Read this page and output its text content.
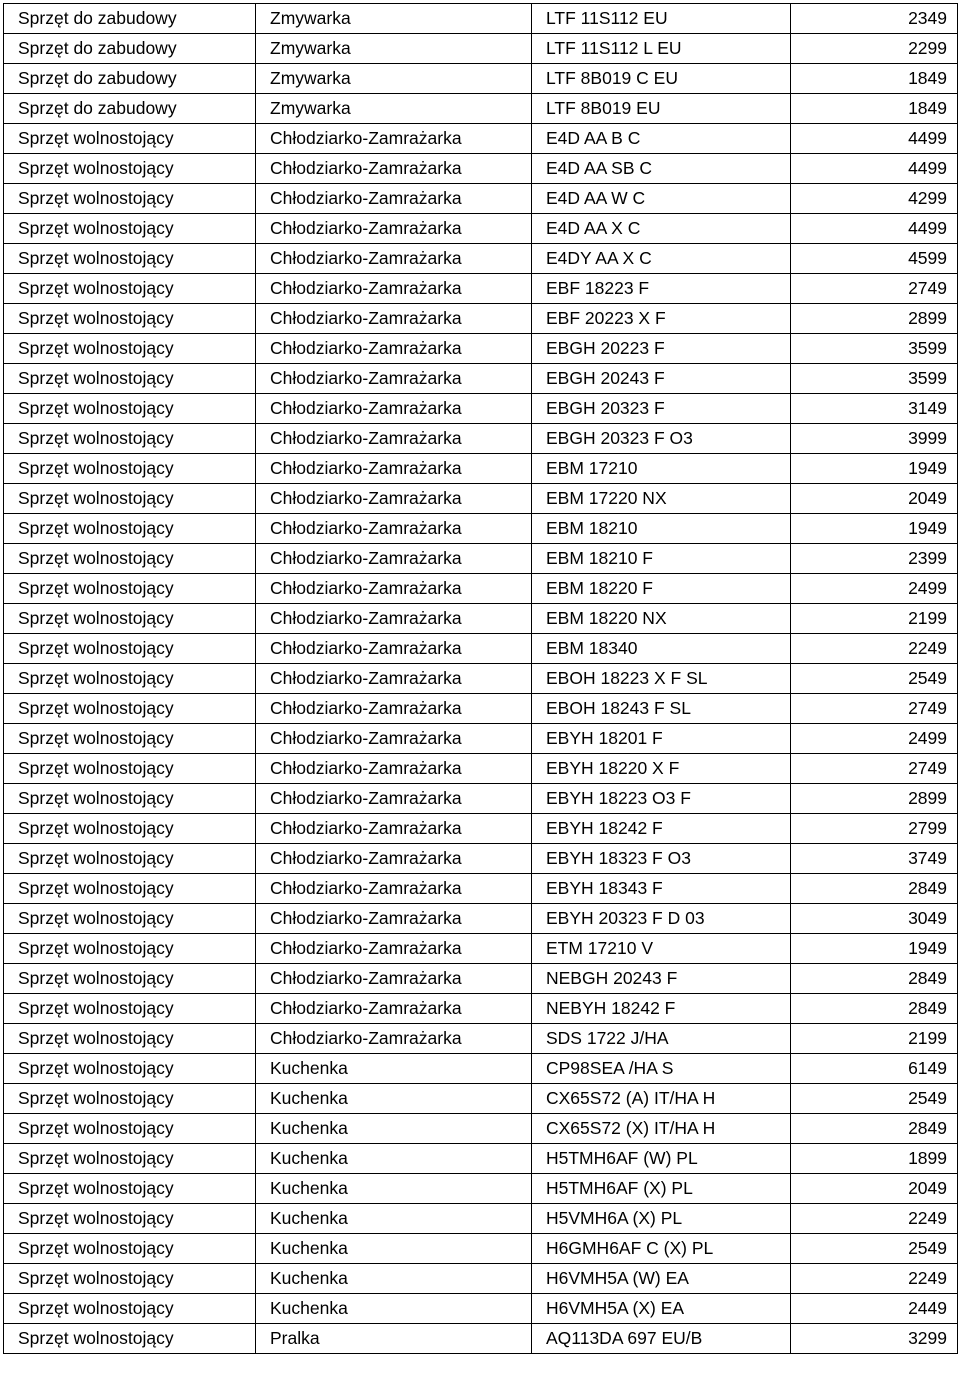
Sprzęt do zabudowy	Zmywarka	LTF 11S112 EU	2349
Sprzęt do zabudowy	Zmywarka	LTF 11S112 L EU	2299
Sprzęt do zabudowy	Zmywarka	LTF 8B019 C EU	1849
Sprzęt do zabudowy	Zmywarka	LTF 8B019 EU	1849
Sprzęt wolnostojący	Chłodziarko-Zamrażarka	E4D AA B C	4499
Sprzęt wolnostojący	Chłodziarko-Zamrażarka	E4D AA SB C	4499
Sprzęt wolnostojący	Chłodziarko-Zamrażarka	E4D AA W C	4299
Sprzęt wolnostojący	Chłodziarko-Zamrażarka	E4D AA X C	4499
Sprzęt wolnostojący	Chłodziarko-Zamrażarka	E4DY AA X C	4599
Sprzęt wolnostojący	Chłodziarko-Zamrażarka	EBF 18223 F	2749
Sprzęt wolnostojący	Chłodziarko-Zamrażarka	EBF 20223 X F	2899
Sprzęt wolnostojący	Chłodziarko-Zamrażarka	EBGH 20223 F	3599
Sprzęt wolnostojący	Chłodziarko-Zamrażarka	EBGH 20243 F	3599
Sprzęt wolnostojący	Chłodziarko-Zamrażarka	EBGH 20323 F	3149
Sprzęt wolnostojący	Chłodziarko-Zamrażarka	EBGH 20323 F O3	3999
Sprzęt wolnostojący	Chłodziarko-Zamrażarka	EBM 17210	1949
Sprzęt wolnostojący	Chłodziarko-Zamrażarka	EBM 17220 NX	2049
Sprzęt wolnostojący	Chłodziarko-Zamrażarka	EBM 18210	1949
Sprzęt wolnostojący	Chłodziarko-Zamrażarka	EBM 18210 F	2399
Sprzęt wolnostojący	Chłodziarko-Zamrażarka	EBM 18220 F	2499
Sprzęt wolnostojący	Chłodziarko-Zamrażarka	EBM 18220 NX	2199
Sprzęt wolnostojący	Chłodziarko-Zamrażarka	EBM 18340	2249
Sprzęt wolnostojący	Chłodziarko-Zamrażarka	EBOH 18223 X F SL	2549
Sprzęt wolnostojący	Chłodziarko-Zamrażarka	EBOH 18243 F SL	2749
Sprzęt wolnostojący	Chłodziarko-Zamrażarka	EBYH 18201 F	2499
Sprzęt wolnostojący	Chłodziarko-Zamrażarka	EBYH 18220 X F	2749
Sprzęt wolnostojący	Chłodziarko-Zamrażarka	EBYH 18223 O3 F	2899
Sprzęt wolnostojący	Chłodziarko-Zamrażarka	EBYH 18242 F	2799
Sprzęt wolnostojący	Chłodziarko-Zamrażarka	EBYH 18323 F O3	3749
Sprzęt wolnostojący	Chłodziarko-Zamrażarka	EBYH 18343 F	2849
Sprzęt wolnostojący	Chłodziarko-Zamrażarka	EBYH 20323 F D 03	3049
Sprzęt wolnostojący	Chłodziarko-Zamrażarka	ETM 17210 V	1949
Sprzęt wolnostojący	Chłodziarko-Zamrażarka	NEBGH 20243 F	2849
Sprzęt wolnostojący	Chłodziarko-Zamrażarka	NEBYH 18242 F	2849
Sprzęt wolnostojący	Chłodziarko-Zamrażarka	SDS 1722 J/HA	2199
Sprzęt wolnostojący	Kuchenka	CP98SEA /HA S	6149
Sprzęt wolnostojący	Kuchenka	CX65S72 (A) IT/HA H	2549
Sprzęt wolnostojący	Kuchenka	CX65S72 (X) IT/HA H	2849
Sprzęt wolnostojący	Kuchenka	H5TMH6AF (W) PL	1899
Sprzęt wolnostojący	Kuchenka	H5TMH6AF (X) PL	2049
Sprzęt wolnostojący	Kuchenka	H5VMH6A (X) PL	2249
Sprzęt wolnostojący	Kuchenka	H6GMH6AF C (X) PL	2549
Sprzęt wolnostojący	Kuchenka	H6VMH5A (W) EA	2249
Sprzęt wolnostojący	Kuchenka	H6VMH5A (X) EA	2449
Sprzęt wolnostojący	Pralka	AQ113DA 697 EU/B	3299
